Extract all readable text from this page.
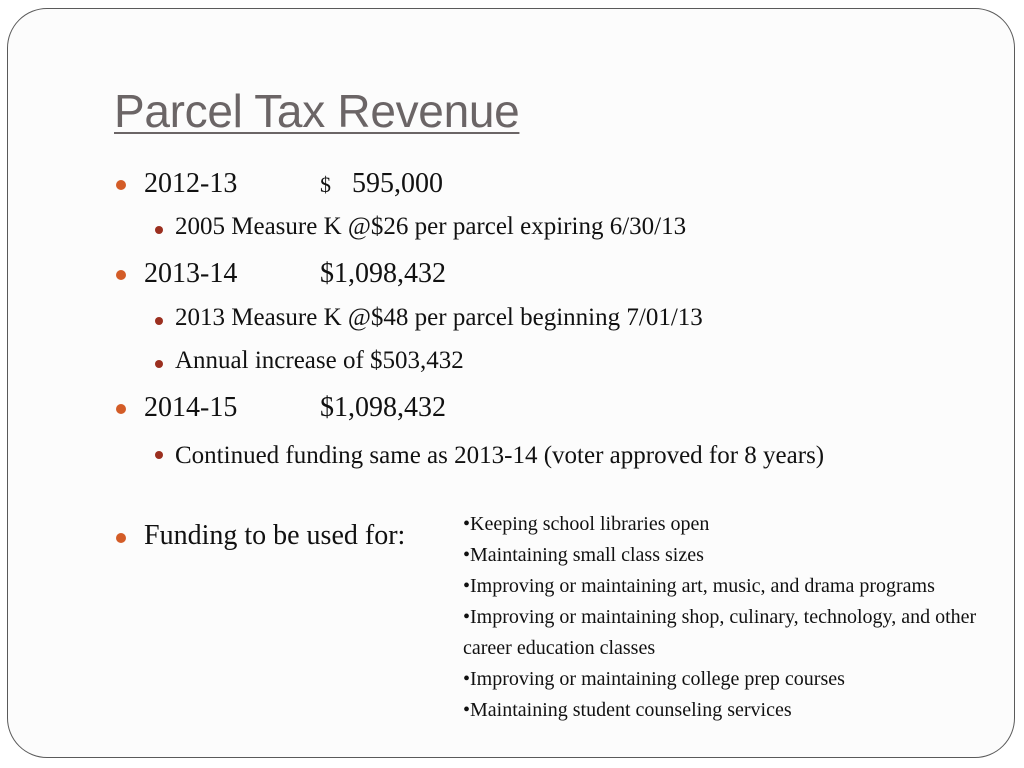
Parcel Tax Revenue
2012-13	$ 595,000
2005 Measure K @$26 per parcel expiring 6/30/13
2013-14	$1,098,432
2013 Measure K @$48 per parcel beginning 7/01/13
Annual increase of $503,432
2014-15	$1,098,432
Continued funding same as 2013-14 (voter approved for 8 years)
Funding to be used for:	•Keeping school libraries open
•Maintaining small class sizes
•Improving or maintaining art, music, and drama programs
•Improving or maintaining shop, culinary, technology, and other career education classes
•Improving or maintaining college prep courses
•Maintaining student counseling services
